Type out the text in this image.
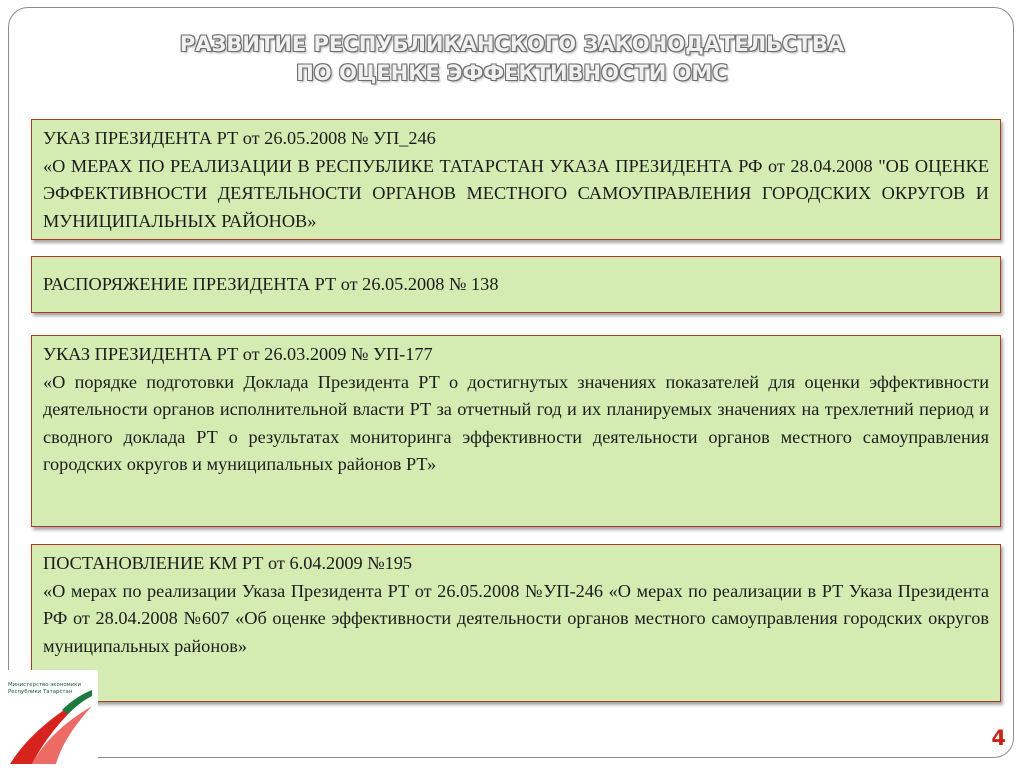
РАЗВИТИЕ РЕСПУБЛИКАНСКОГО ЗАКОНОДАТЕЛЬСТВА
ПО ОЦЕНКЕ ЭФФЕКТИВНОСТИ ОМС
УКАЗ ПРЕЗИДЕНТА РТ от 26.05.2008 № УП_246
«О МЕРАХ ПО РЕАЛИЗАЦИИ В РЕСПУБЛИКЕ ТАТАРСТАН УКАЗА ПРЕЗИДЕНТА РФ от 28.04.2008 "ОБ ОЦЕНКЕ ЭФФЕКТИВНОСТИ ДЕЯТЕЛЬНОСТИ ОРГАНОВ МЕСТНОГО САМОУПРАВЛЕНИЯ ГОРОДСКИХ ОКРУГОВ И МУНИЦИПАЛЬНЫХ РАЙОНОВ»
РАСПОРЯЖЕНИЕ ПРЕЗИДЕНТА РТ от 26.05.2008 № 138
УКАЗ ПРЕЗИДЕНТА РТ от 26.03.2009 № УП-177
«О порядке подготовки Доклада Президента РТ о достигнутых значениях показателей для оценки эффективности деятельности органов исполнительной власти РТ за отчетный год и их планируемых значениях на трехлетний период и сводного доклада РТ о результатах мониторинга эффективности деятельности органов местного самоуправления городских округов и муниципальных районов РТ»
ПОСТАНОВЛЕНИЕ КМ РТ от 6.04.2009 №195
«О мерах по реализации Указа Президента РТ от 26.05.2008 №УП-246 «О мерах по реализации в РТ Указа Президента РФ от 28.04.2008 №607 «Об оценке эффективности деятельности органов местного самоуправления городских округов муниципальных районов»
Министерство экономики
Республики Татарстан
4
